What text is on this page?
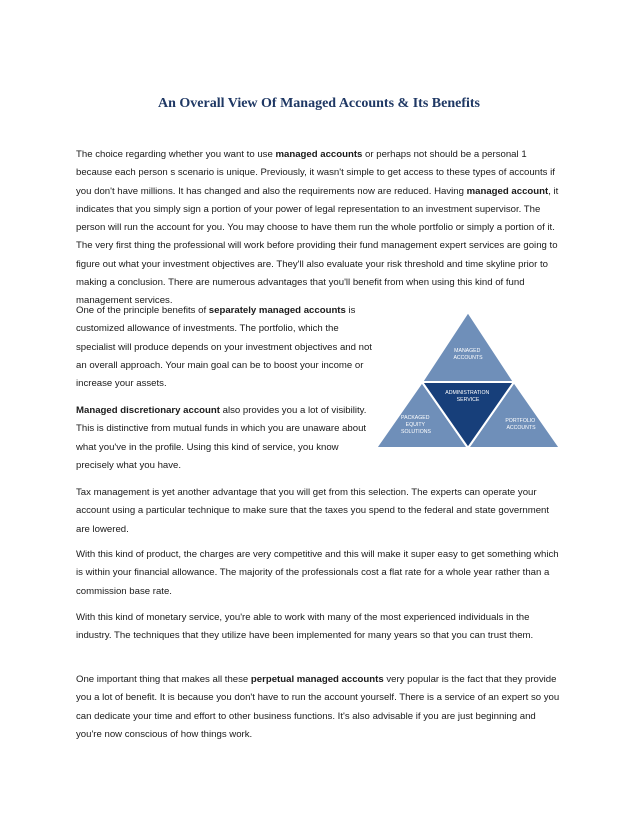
An Overall View Of Managed Accounts & Its Benefits

The choice regarding whether you want to use managed accounts or perhaps not should be a personal 1 because each person s scenario is unique. Previously, it wasn't simple to get access to these types of accounts if you don't have millions. It has changed and also the requirements now are reduced. Having managed account, it indicates that you simply sign a portion of your power of legal representation to an investment supervisor. The person will run the account for you. You may choose to have them run the whole portfolio or simply a portion of it. The very first thing the professional will work before providing their fund management expert services are going to figure out what your investment objectives are. They'll also evaluate your risk threshold and time skyline prior to making a conclusion. There are numerous advantages that you'll benefit from when using this kind of fund management services.

One of the principle benefits of separately managed accounts is customized allowance of investments. The portfolio, which the specialist will produce depends on your investment objectives and not an overall approach. Your main goal can be to boost your income or increase your assets.

Managed discretionary account also provides you a lot of visibility. This is distinctive from mutual funds in which you are unaware about what you've in the profile. Using this kind of service, you know precisely what you have.

Tax management is yet another advantage that you will get from this selection. The experts can operate your account using a particular technique to make sure that the taxes you spend to the federal and state government are lowered.

With this kind of product, the charges are very competitive and this will make it super easy to get something which is within your financial allowance. The majority of the professionals cost a flat rate for a whole year rather than a commission base rate.

With this kind of monetary service, you're able to work with many of the most experienced individuals in the industry. The techniques that they utilize have been implemented for many years so that you can trust them.

One important thing that makes all these perpetual managed accounts very popular is the fact that they provide you a lot of benefit. It is because you don't have to run the account yourself. There is a service of an expert so you can dedicate your time and effort to other business functions. It's also advisable if you are just beginning and you're now conscious of how things work.

MANAGED ACCOUNTS
ADMINISTRATION SERVICE
PACKAGED EQUITY SOLUTIONS
PORTFOLIO ACCOUNTS
